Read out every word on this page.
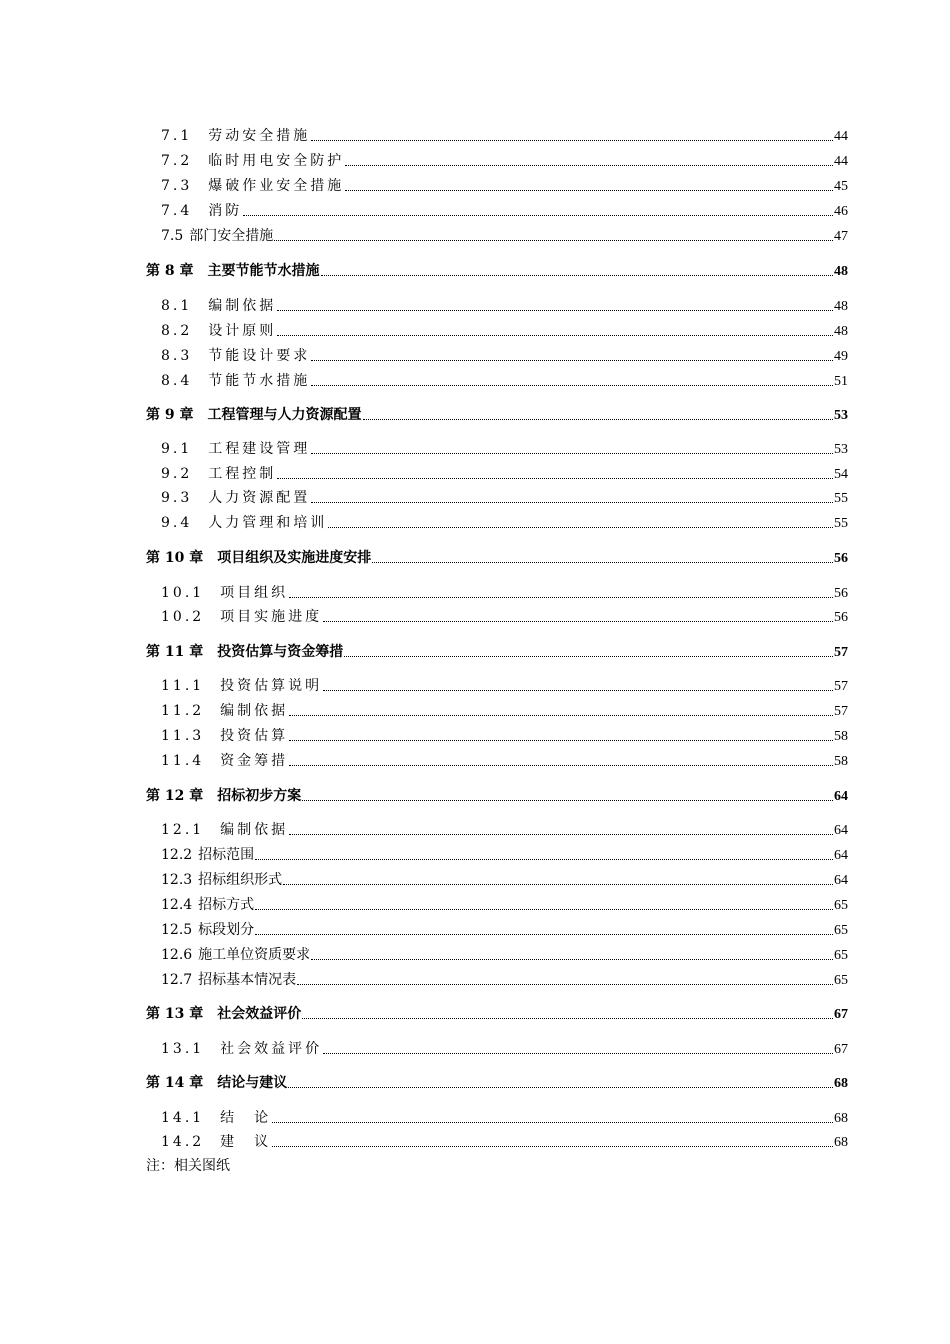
7.1 劳动安全措施	44
7.2 临时用电安全防护	44
7.3 爆破作业安全措施	45
7.4 消防	46
7.5 部门安全措施	47
第 8 章 主要节能节水措施	48
8.1 编制依据	48
8.2 设计原则	48
8.3 节能设计要求	49
8.4 节能节水措施	51
第 9 章 工程管理与人力资源配置	53
9.1 工程建设管理	53
9.2 工程控制	54
9.3 人力资源配置	55
9.4 人力管理和培训	55
第 10 章 项目组织及实施进度安排	56
10.1 项目组织	56
10.2 项目实施进度	56
第 11 章 投资估算与资金筹措	57
11.1 投资估算说明	57
11.2 编制依据	57
11.3 投资估算	58
11.4 资金筹措	58
第 12 章 招标初步方案	64
12.1 编制依据	64
12.2 招标范围	64
12.3 招标组织形式	64
12.4 招标方式	65
12.5 标段划分	65
12.6 施工单位资质要求	65
12.7 招标基本情况表	65
第 13 章 社会效益评价	67
13.1 社会效益评价	67
第 14 章 结论与建议	68
14.1 结　论	68
14.2 建　议	68
注：相关图纸
